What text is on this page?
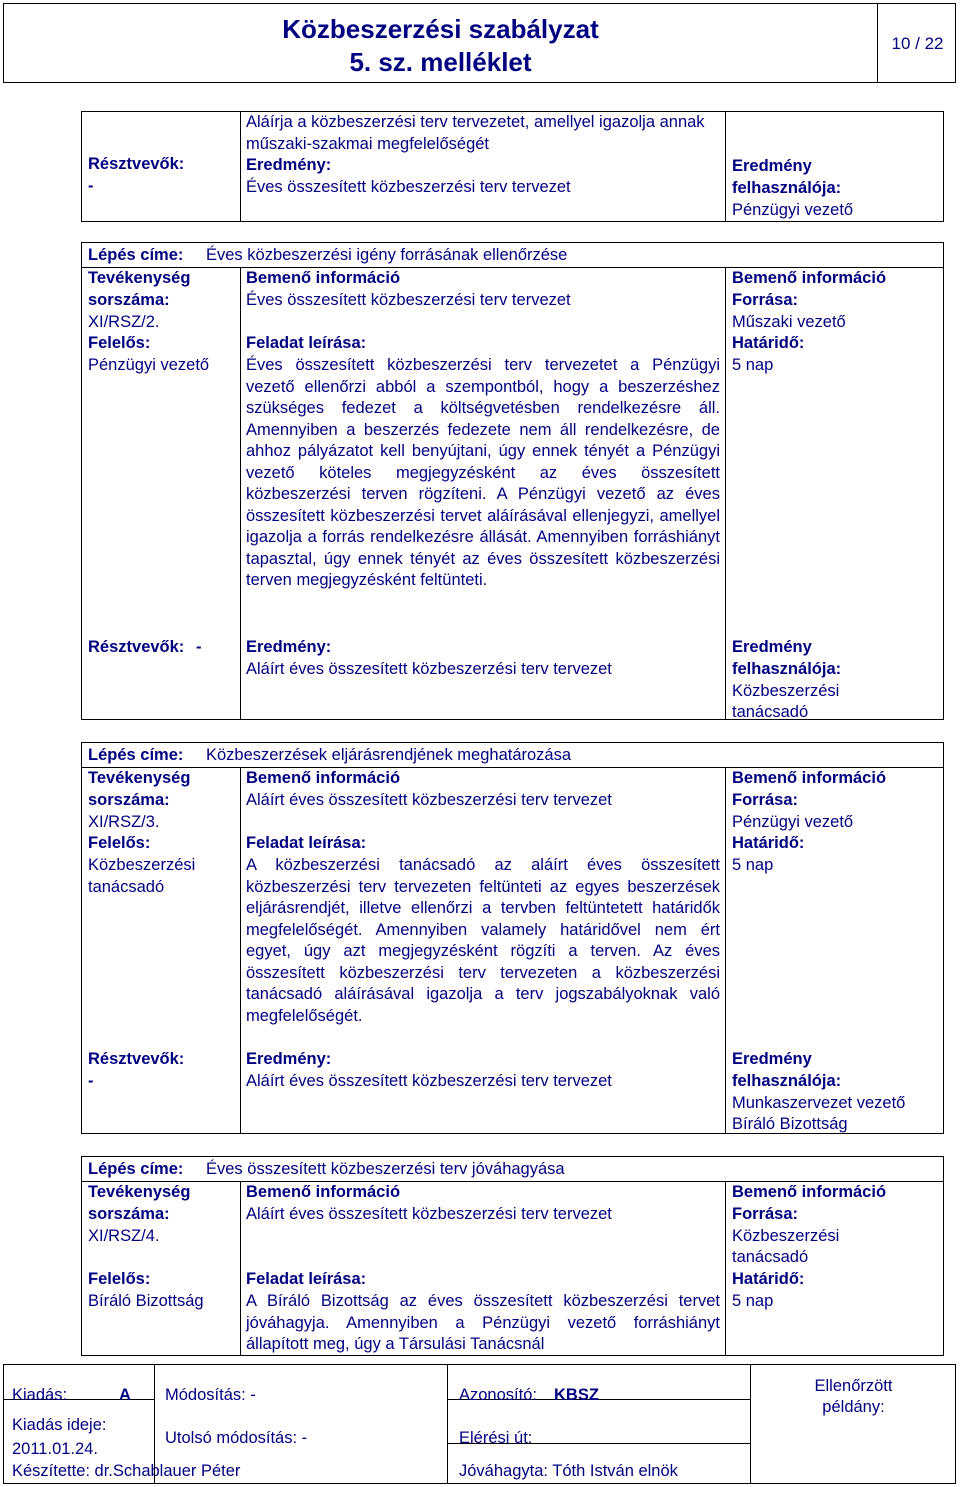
Közbeszerzési szabályzat
5. sz. melléklet
10 / 22
Résztvevők:
-
Aláírja a közbeszerzési terv tervezetet, amellyel igazolja annak műszaki-szakmai megfelelőségét
Eredmény:
Éves összesített közbeszerzési terv tervezet
Eredmény
felhasználója:
Pénzügyi vezető
Lépés címe: Éves közbeszerzési igény forrásának ellenőrzése
Tevékenység
sorszáma:
XI/RSZ/2.
Felelős:
Pénzügyi vezető
Résztvevők: -
Bemenő információ
Éves összesített közbeszerzési terv tervezet
Feladat leírása:
Éves összesített közbeszerzési terv tervezetet a Pénzügyi vezető ellenőrzi abból a szempontból, hogy a beszerzéshez szükséges fedezet a költségvetésben rendelkezésre áll. Amennyiben a beszerzés fedezete nem áll rendelkezésre, de ahhoz pályázatot kell benyújtani, úgy ennek tényét a Pénzügyi vezető köteles megjegyzésként az éves összesített közbeszerzési terven rögzíteni. A Pénzügyi vezető az éves összesített közbeszerzési tervet aláírásával ellenjegyzi, amellyel igazolja a forrás rendelkezésre állását. Amennyiben forráshiányt tapasztal, úgy ennek tényét az éves összesített közbeszerzési terven megjegyzésként feltünteti.
Eredmény:
Aláírt éves összesített közbeszerzési terv tervezet
Bemenő információ
Forrása:
Műszaki vezető
Határidő:
5 nap
Eredmény
felhasználója:
Közbeszerzési
tanácsadó
Lépés címe: Közbeszerzések eljárásrendjének meghatározása
Tevékenység
sorszáma:
XI/RSZ/3.
Felelős:
Közbeszerzési
tanácsadó
Résztvevők:
-
Bemenő információ
Aláírt éves összesített közbeszerzési terv tervezet
Feladat leírása:
A közbeszerzési tanácsadó az aláírt éves összesített közbeszerzési terv tervezeten feltünteti az egyes beszerzések eljárásrendjét, illetve ellenőrzi a tervben feltüntetett határidők megfelelőségét. Amennyiben valamely határidővel nem ért egyet, úgy azt megjegyzésként rögzíti a terven. Az éves összesített közbeszerzési terv tervezeten a közbeszerzési tanácsadó aláírásával igazolja a terv jogszabályoknak való megfelelőségét.
Eredmény:
Aláírt éves összesített közbeszerzési terv tervezet
Bemenő információ
Forrása:
Pénzügyi vezető
Határidő:
5 nap
Eredmény
felhasználója:
Munkaszervezet vezető
Bíráló Bizottság
Lépés címe: Éves összesített közbeszerzési terv jóváhagyása
Tevékenység
sorszáma:
XI/RSZ/4.
Felelős:
Bíráló Bizottság
Bemenő információ
Aláírt éves összesített közbeszerzési terv tervezet
Feladat leírása:
A Bíráló Bizottság az éves összesített közbeszerzési tervet jóváhagyja. Amennyiben a Pénzügyi vezető forráshiányt állapított meg, úgy a Társulási Tanácsnál
Bemenő információ
Forrása:
Közbeszerzési
tanácsadó
Határidő:
5 nap
Kiadás:	A
Kiadás ideje:
2011.01.24.
Készítette: dr.Schablauer Péter
Módosítás: -
Utolsó módosítás: -
Azonosító: KBSZ
Elérési út:
Jóváhagyta: Tóth István elnök
Ellenőrzött
példány:
